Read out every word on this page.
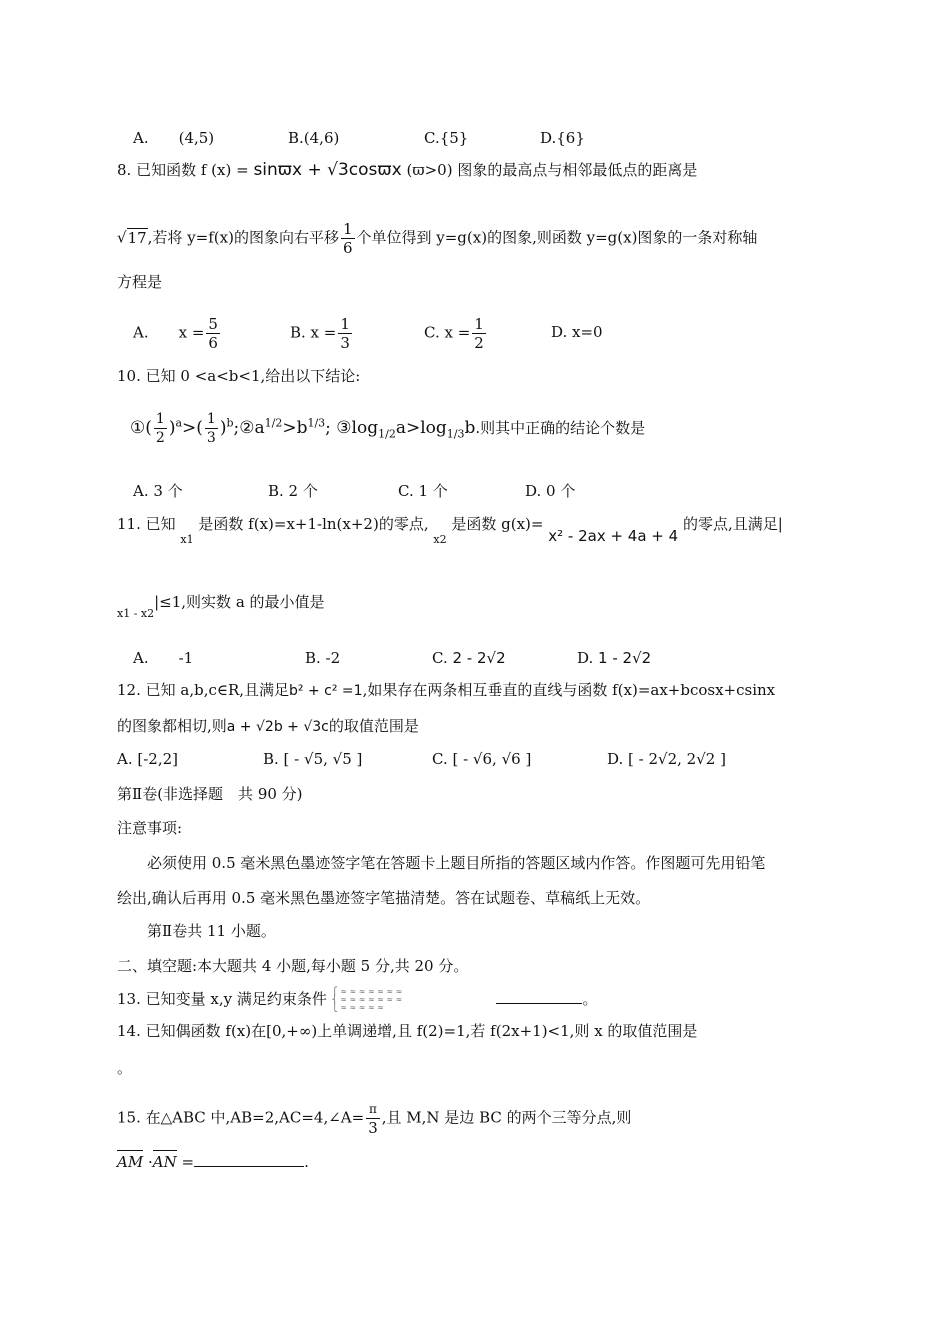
A.　　(4,5)	B.(4,6)	C.{5}	D.{6}
8. 已知函数 f (x) = sinϖx + √3cosϖx (ϖ>0) 图象的最高点与相邻最低点的距离是
√17,若将 y=f(x)的图象向右平移 $\frac{1}{6}$ 个单位得到 y=g(x)的图象,则函数 y=g(x)图象的一条对称轴
方程是
A.　　 $x = \frac{5}{6}$	B. $x = \frac{1}{3}$	C. $x = \frac{1}{2}$	D. x=0
10. 已知 0 <a<b<1,给出以下结论:
①( $\frac{1}{2} )^a>( \frac{1}{3}$ )$^b;②a^{1/2}>b^{1/3}$; $③\log_{1/2}a>\log_{1/3}b$.则其中正确的结论个数是
A. 3 个	B. 2 个	C. 1 个	D. 0 个
11. 已知 $_{x1}$ 是函数 f(x)=x+1-ln(x+2)的零点, $_{x2}$ 是函数 g(x)= x² - 2ax + 4a + 4 的零点,且满足|
$_{x1 - x2}$|≤1,则实数 a 的最小值是
A.　　-1	B. -2	C. 2 - 2√2	D. 1 - 2√2
12. 已知 a,b,c∈R,且满足b² + c² =1,如果存在两条相互垂直的直线与函数 f(x)=ax+bcosx+csinx
的图象都相切,则a + √2b + √3c的取值范围是
A. [-2,2]	B. [ - √5, √5 ]	C. [ - √6, √6 ]	D. [ - 2√2, 2√2 ]
第Ⅱ卷(非选择题　共 90 分)
注意事项:
必须使用 0.5 毫米黑色墨迹签字笔在答题卡上题目所指的答题区域内作答。作图题可先用铅笔
绘出,确认后再用 0.5 毫米黑色墨迹签字笔描清楚。答在试题卷、草稿纸上无效。
第Ⅱ卷共 11 小题。
二、填空题:本大题共 4 小题,每小题 5 分,共 20 分。
13. 已知变量 x,y 满足约束条件 ⎧ ≈ ≈ ≈ ≈ ≈ ≈ ≈
⎨ ≈ ≈ ≈ ≈ ≈ ≈ ≈
⎩ ≈ ≈ ≈ ≈ ≈	。
14. 已知偶函数 f(x)在[0,+∞)上单调递增,且 f(2)=1,若 f(2x+1)<1,则 x 的取值范围是
。
15. 在△ABC 中,AB=2,AC=4,∠A= $\frac{\pi}{3}$ ,且 M,N 是边 BC 的两个三等分点,则
AM ·AN =	.
